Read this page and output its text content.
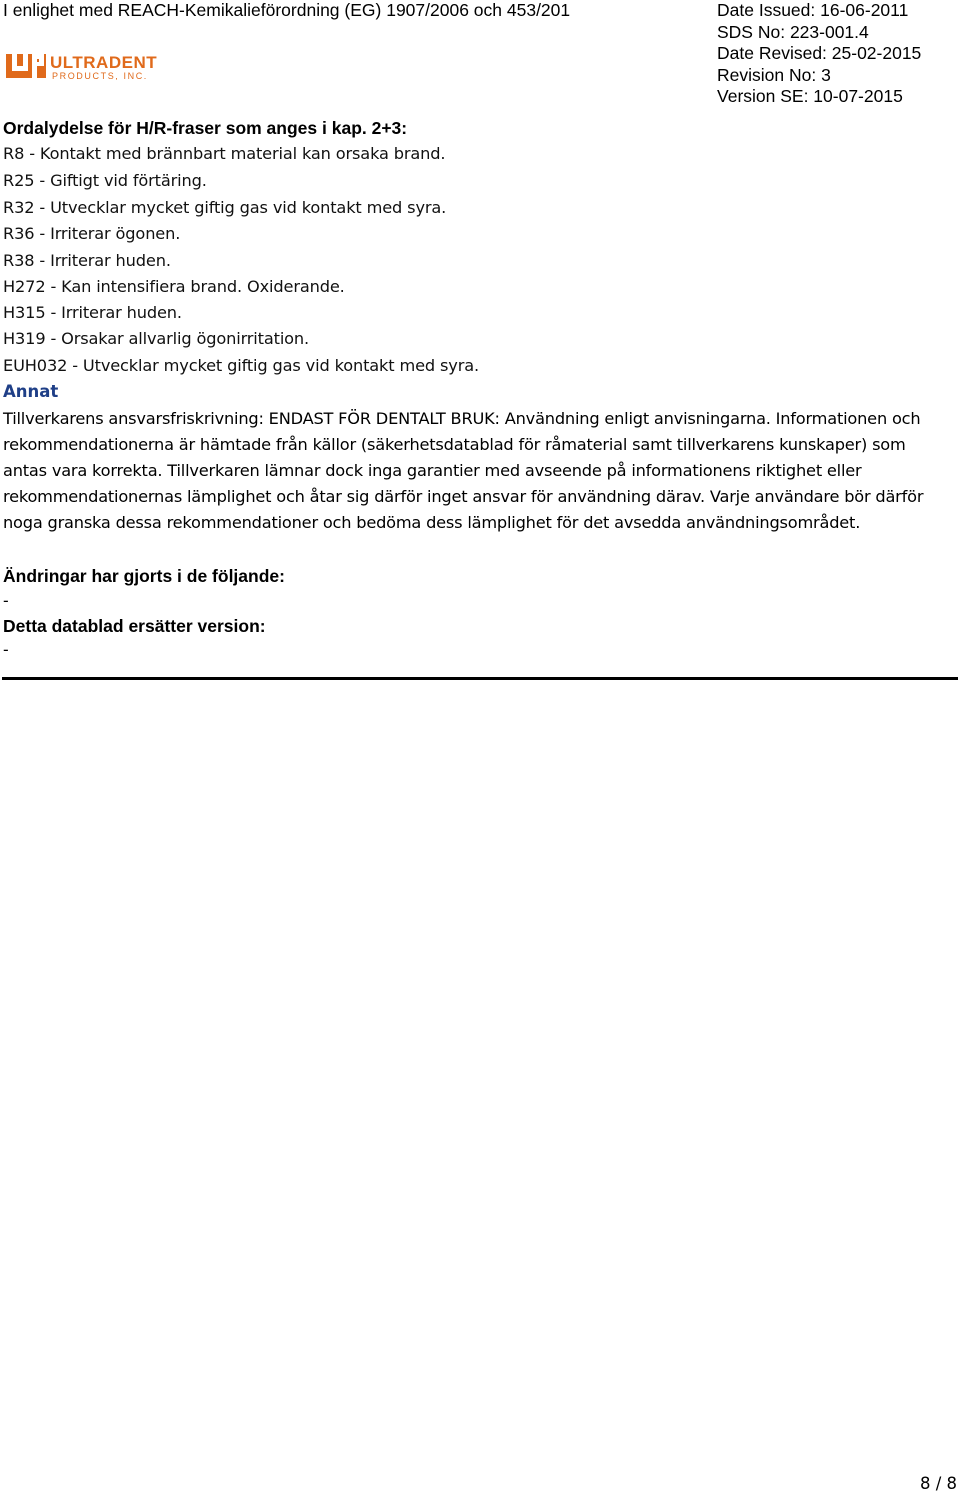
I enlighet med REACH-Kemikalieförordning (EG) 1907/2006 och 453/201	Date Issued: 16-06-2011
SDS No: 223-001.4
Date Revised: 25-02-2015
Revision No: 3
Version SE: 10-07-2015
ULTRADENT
PRODUCTS, INC.
Ordalydelse för H/R-fraser som anges i kap. 2+3:
R8 - Kontakt med brännbart material kan orsaka brand.
R25 - Giftigt vid förtäring.
R32 - Utvecklar mycket giftig gas vid kontakt med syra.
R36 - Irriterar ögonen.
R38 - Irriterar huden.
H272 - Kan intensifiera brand. Oxiderande.
H315 - Irriterar huden.
H319 - Orsakar allvarlig ögonirritation.
EUH032 - Utvecklar mycket giftig gas vid kontakt med syra.
Annat
Tillverkarens ansvarsfriskrivning: ENDAST FÖR DENTALT BRUK: Användning enligt anvisningarna. Informationen och rekommendationerna är hämtade från källor (säkerhetsdatablad för råmaterial samt tillverkarens kunskaper) som antas vara korrekta. Tillverkaren lämnar dock inga garantier med avseende på informationens riktighet eller rekommendationernas lämplighet och åtar sig därför inget ansvar för användning därav. Varje användare bör därför noga granska dessa rekommendationer och bedöma dess lämplighet för det avsedda användningsområdet.
Ändringar har gjorts i de följande:
-
Detta datablad ersätter version:
-
8 / 8
